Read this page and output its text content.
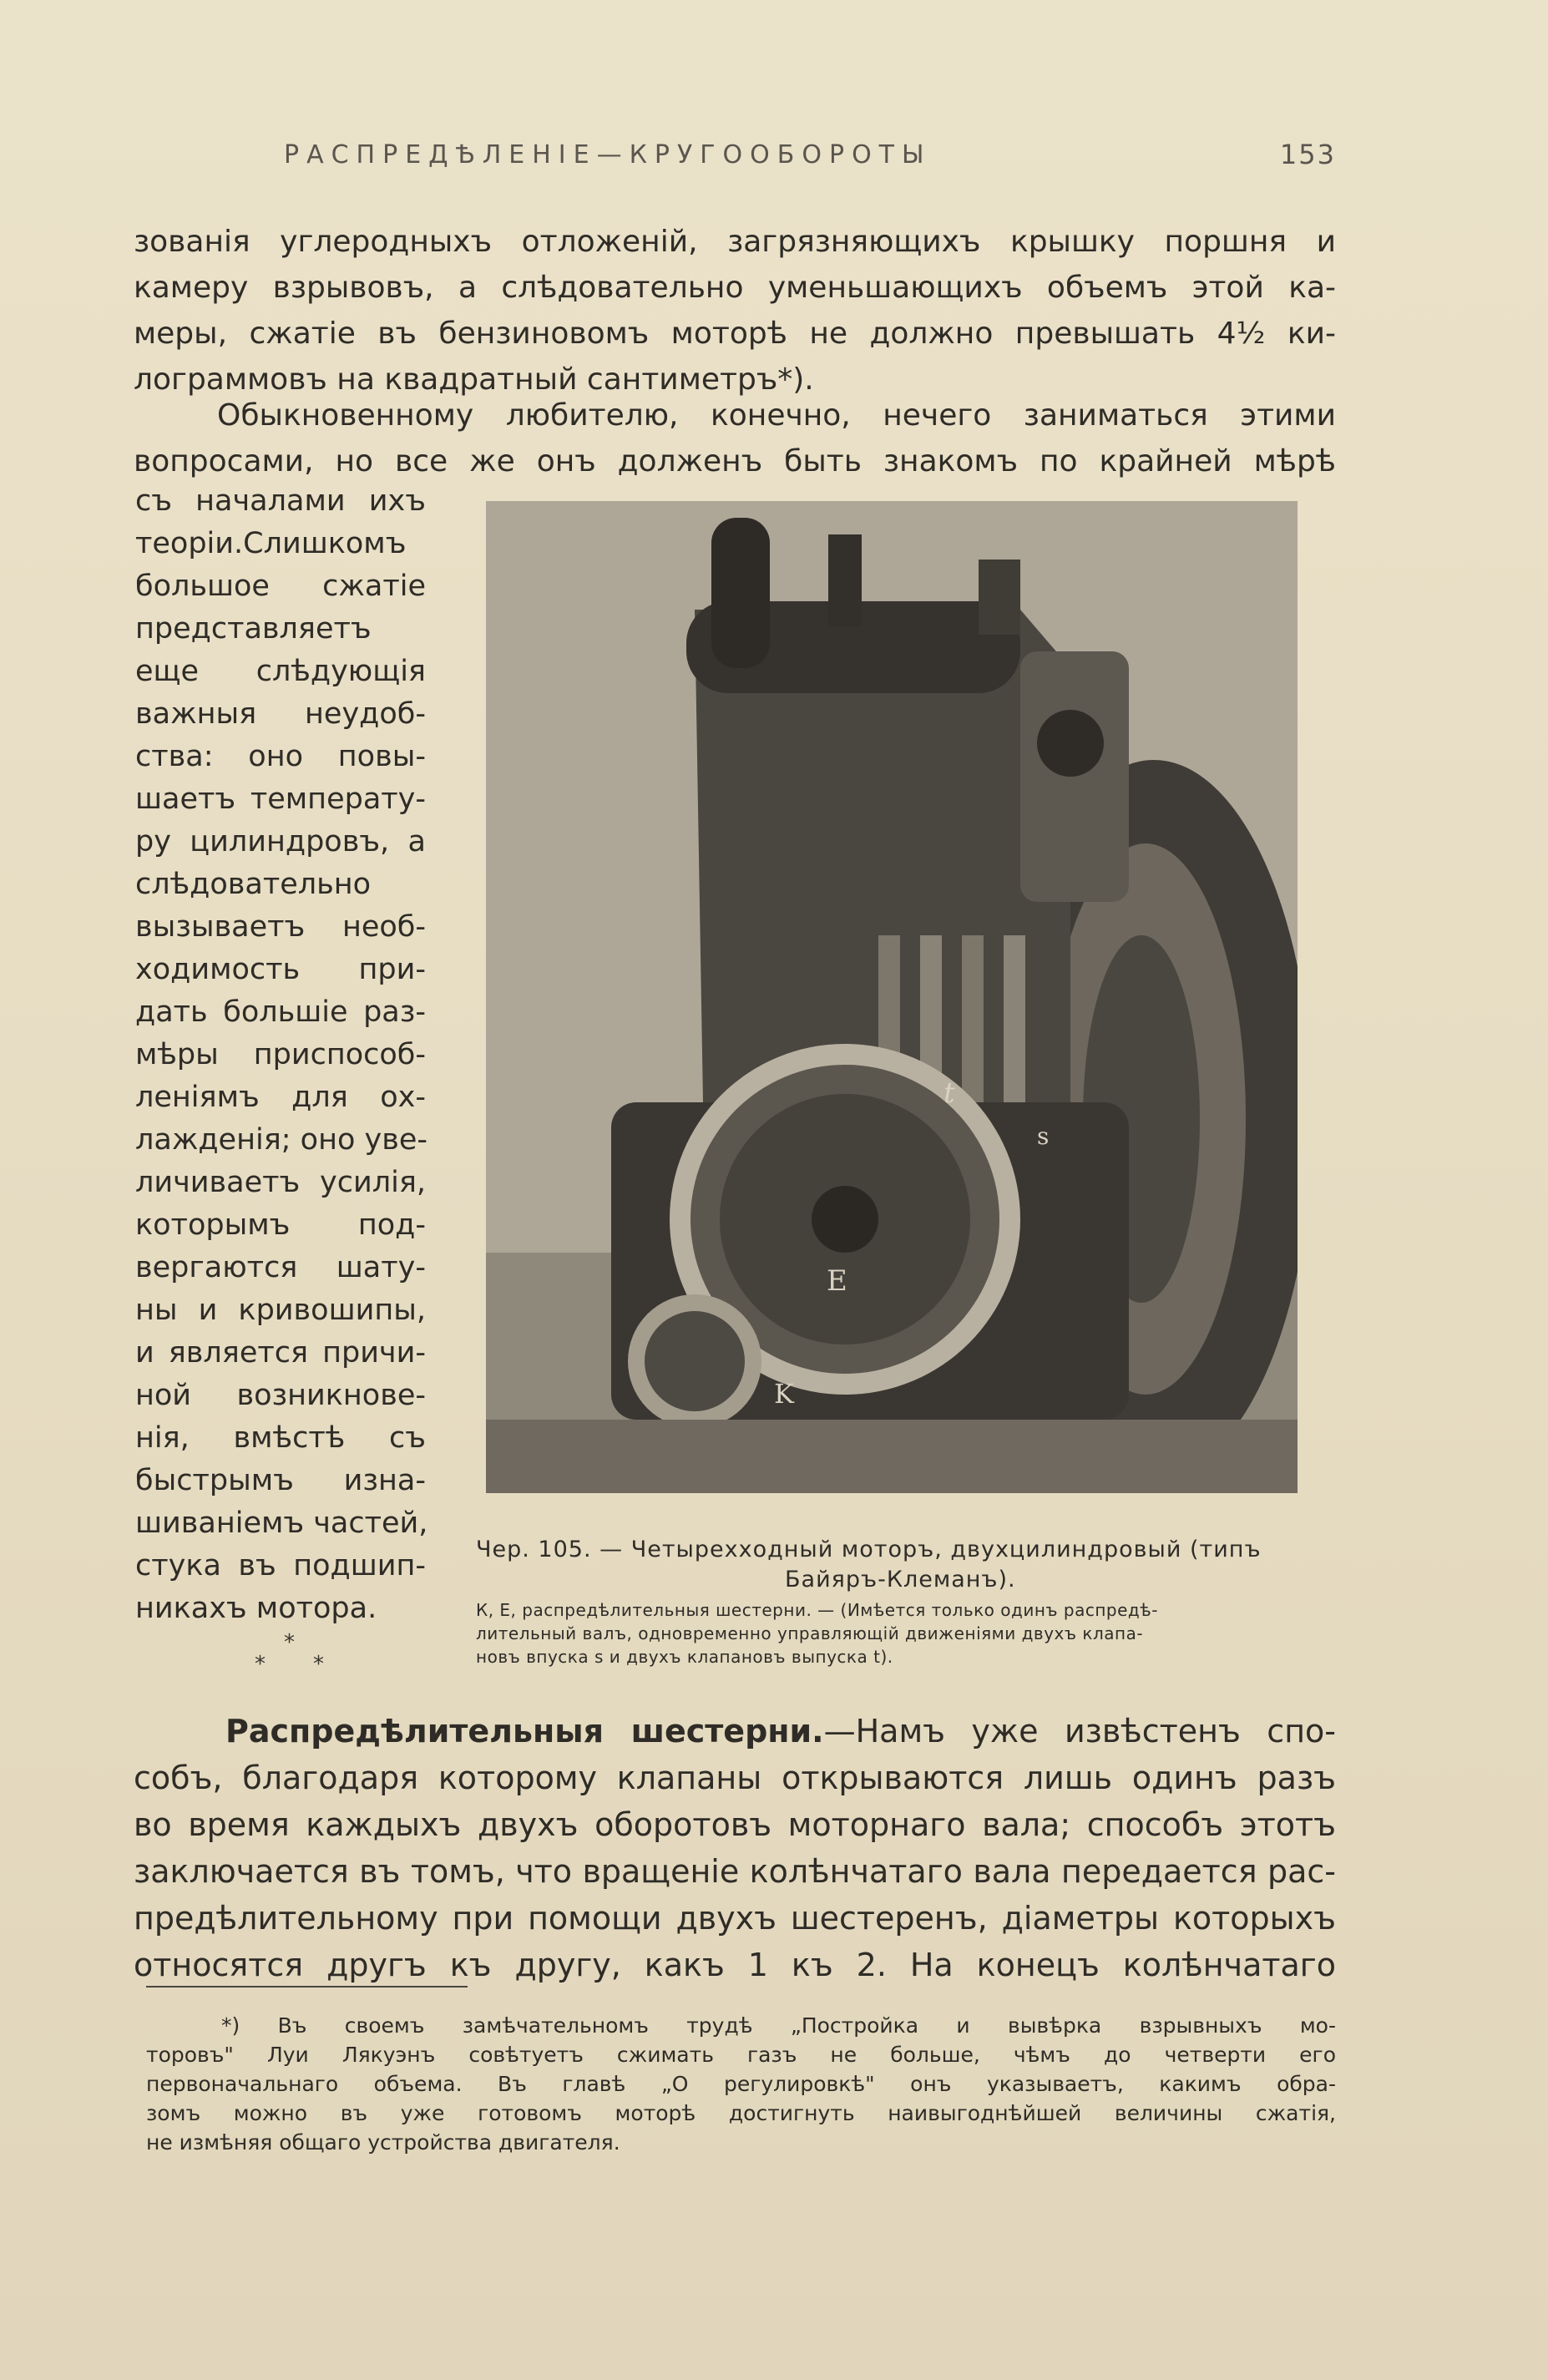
РАСПРЕДѢЛЕНІЕ—КРУГООБОРОТЫ	153
зованія углеродныхъ отложеній, загрязняющихъ крышку поршня и
камеру взрывовъ, а слѣдовательно уменьшающихъ объемъ этой ка-
меры, сжатіе въ бензиновомъ моторѣ не должно превышать 4½ ки-
лограммовъ на квадратный сантиметръ*).
Обыкновенному любителю, конечно, нечего заниматься этими
вопросами, но все же онъ долженъ быть знакомъ по крайней мѣрѣ
съ началами ихъ
теоріи.Слишкомъ
большое сжатіе
представляетъ
еще слѣдующія
важныя неудоб-
ства: оно повы-
шаетъ температу-
ру цилиндровъ, а
слѣдовательно
вызываетъ необ-
ходимость при-
дать большіе раз-
мѣры приспособ-
леніямъ для ох-
лажденія; оно уве-
личиваетъ усилія,
которымъ под-
вергаются шату-
ны и кривошипы,
и является причи-
ной возникнове-
нія, вмѣстѣ съ
быстрымъ изна-
шиваніемъ частей,
стука въ подшип-
никахъ мотора.
t
s
E
K
Чер. 105. — Четырехходный моторъ, двухцилиндровый (типъ
Байяръ-Клеманъ).
К, Е, распредѣлительныя шестерни. — (Имѣется только одинъ распредѣ-
лительный валъ, одновременно управляющій движеніями двухъ клапа-
новъ впуска s и двухъ клапановъ выпуска t).
*
* *
Распредѣлительныя шестерни.—Намъ уже извѣстенъ спо-
собъ, благодаря которому клапаны открываются лишь одинъ разъ
во время каждыхъ двухъ оборотовъ моторнаго вала; способъ этотъ
заключается въ томъ, что вращеніе колѣнчатаго вала передается рас-
предѣлительному при помощи двухъ шестеренъ, діаметры которыхъ
относятся другъ къ другу, какъ 1 къ 2. На конецъ колѣнчатаго
*) Въ своемъ замѣчательномъ трудѣ „Постройка и вывѣрка взрывныхъ мо-
торовъ" Луи Лякуэнъ совѣтуетъ сжимать газъ не больше, чѣмъ до четверти его
первоначальнаго объема. Въ главѣ „О регулировкѣ" онъ указываетъ, какимъ обра-
зомъ можно въ уже готовомъ моторѣ достигнуть наивыгоднѣйшей величины сжатія,
не измѣняя общаго устройства двигателя.
